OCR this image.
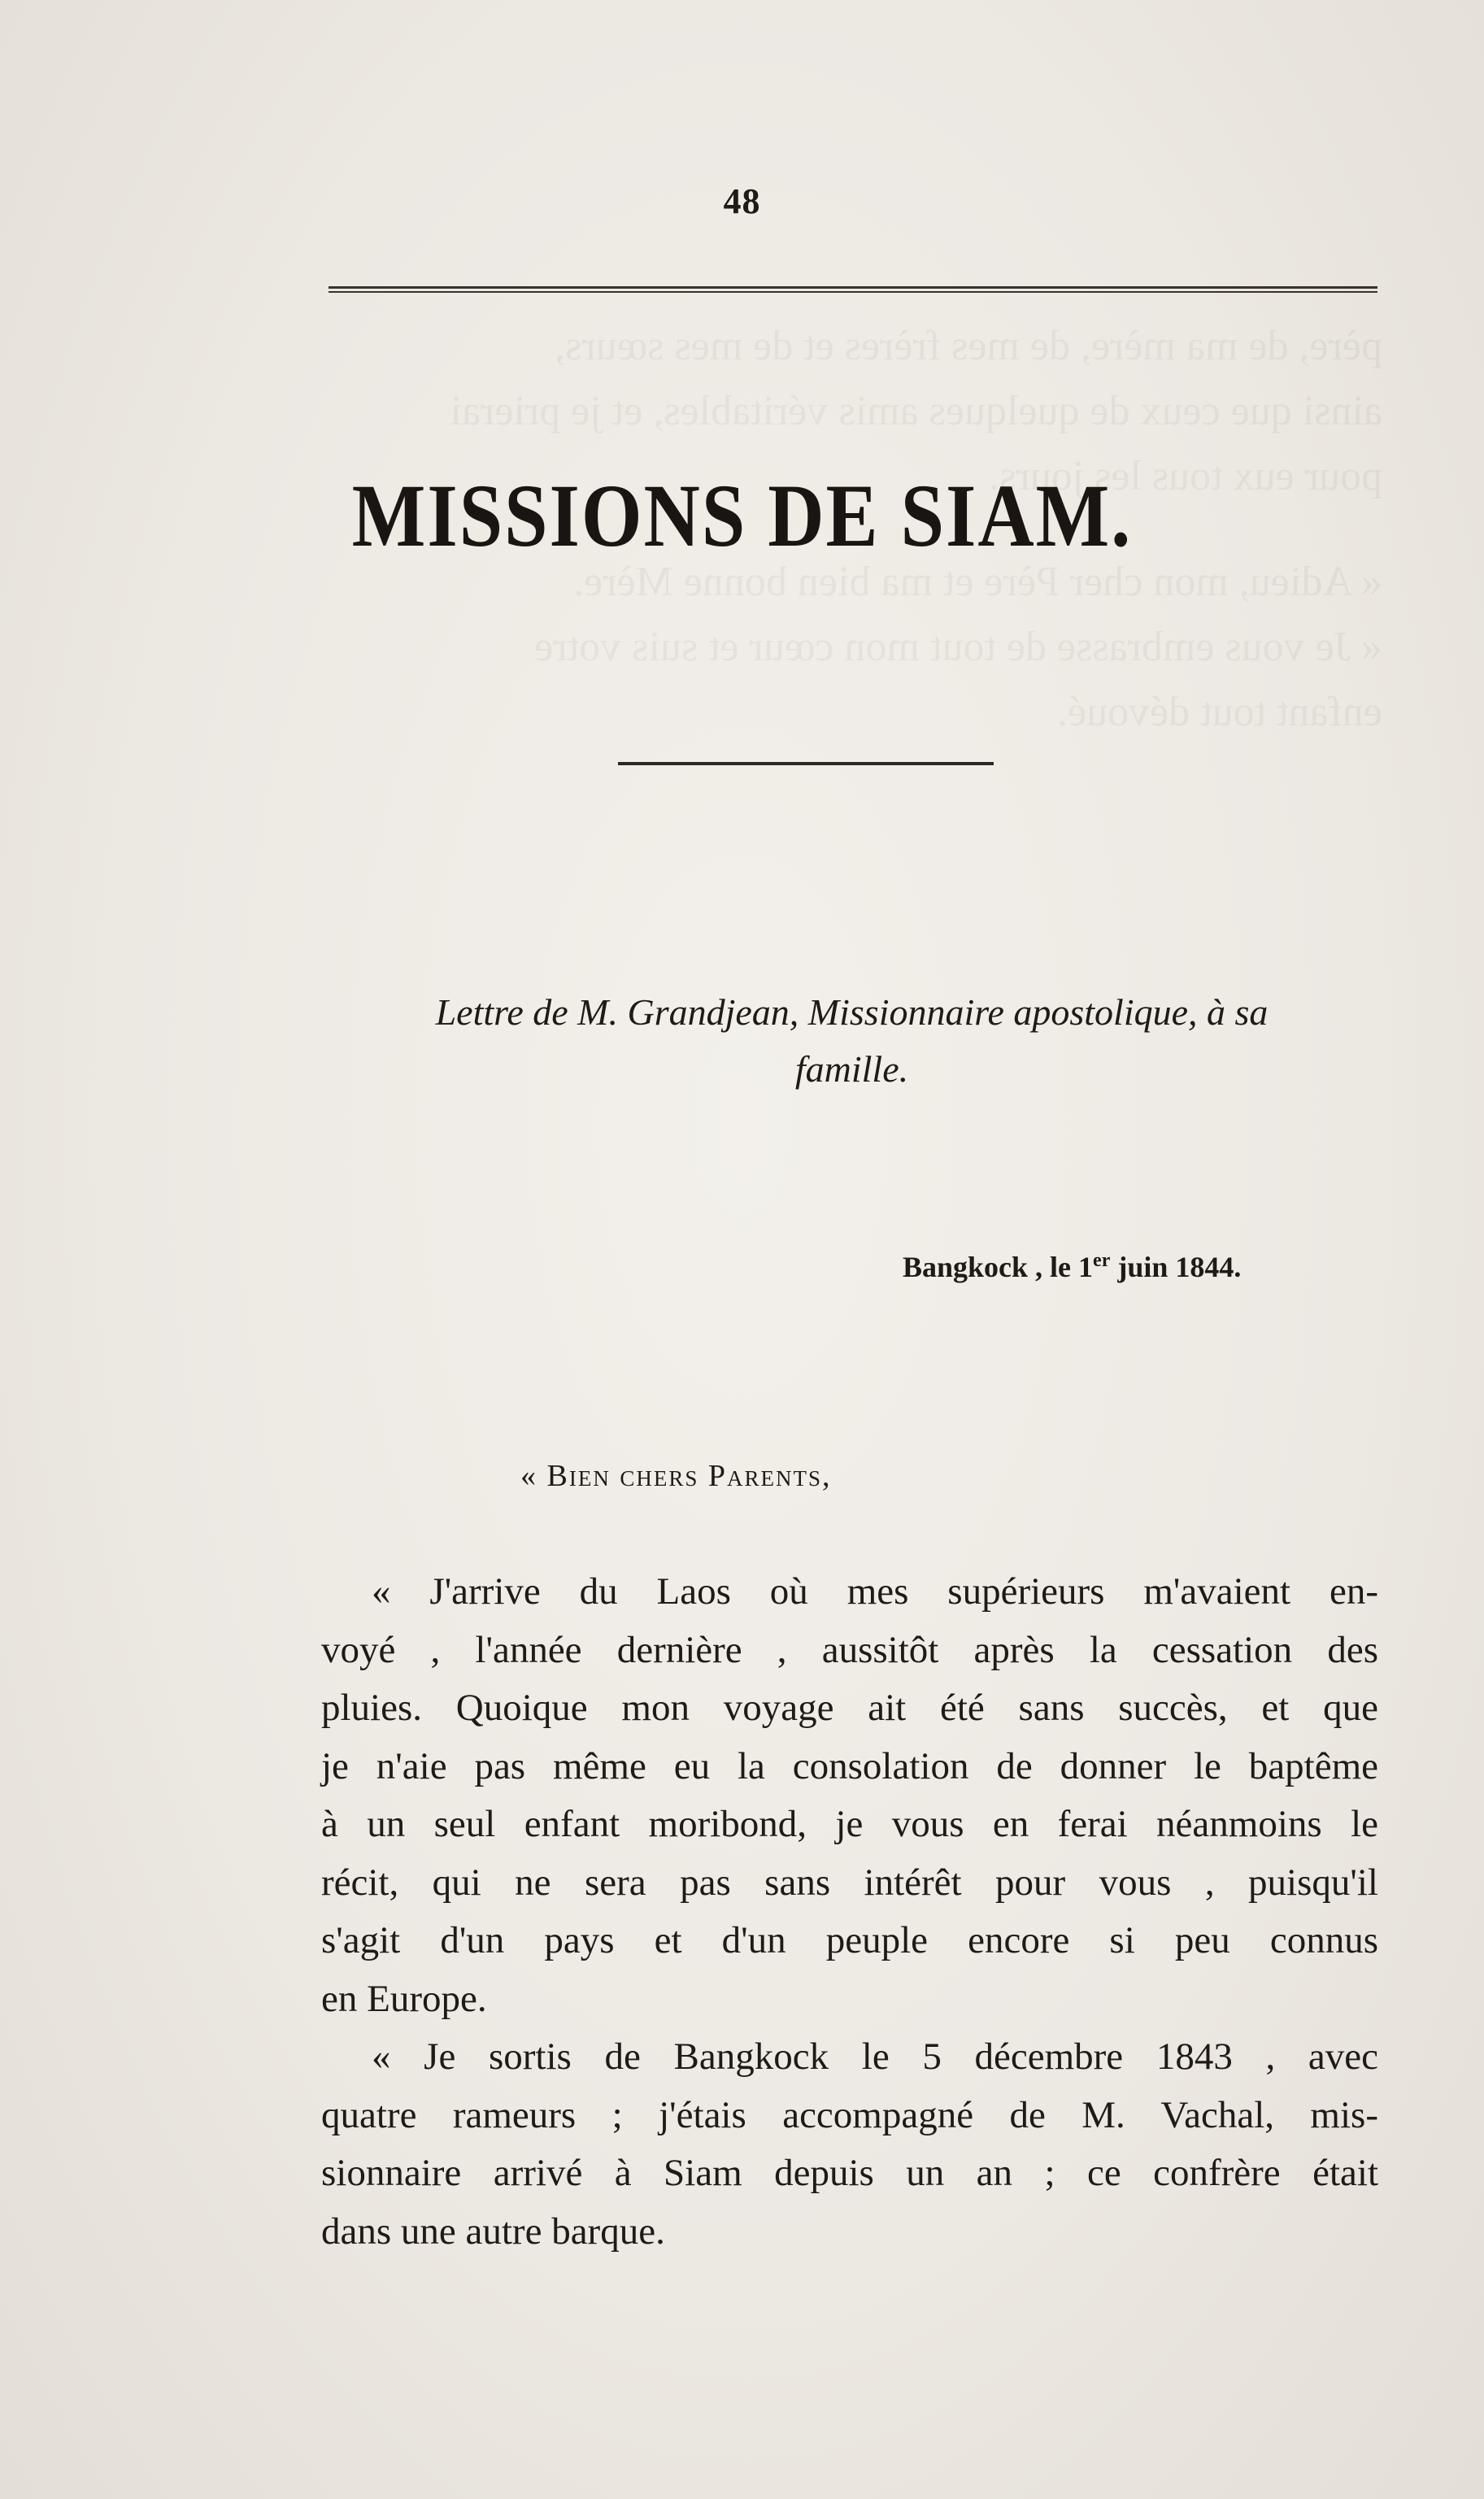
père, de ma mère, de mes frères et de mes sœurs,
ainsi que ceux de quelques amis véritables, et je prierai
pour eux tous les jours.
« Adieu, mon cher Père et ma bien bonne Mère.
« Je vous embrasse de tout mon cœur et suis votre
enfant tout dévoué.
48
MISSIONS DE SIAM.
Lettre de M. Grandjean, Missionnaire apostolique, à sa
famille.
Bangkock , le 1er juin 1844.
« Bien chers Parents,
« J'arrive du Laos où mes supérieurs m'avaient en-
voyé , l'année dernière , aussitôt après la cessation des
pluies. Quoique mon voyage ait été sans succès, et que
je n'aie pas même eu la consolation de donner le baptême
à un seul enfant moribond, je vous en ferai néanmoins le
récit, qui ne sera pas sans intérêt pour vous , puisqu'il
s'agit d'un pays et d'un peuple encore si peu connus
en Europe.
« Je sortis de Bangkock le 5 décembre 1843 , avec
quatre rameurs ; j'étais accompagné de M. Vachal, mis-
sionnaire arrivé à Siam depuis un an ; ce confrère était
dans une autre barque.
